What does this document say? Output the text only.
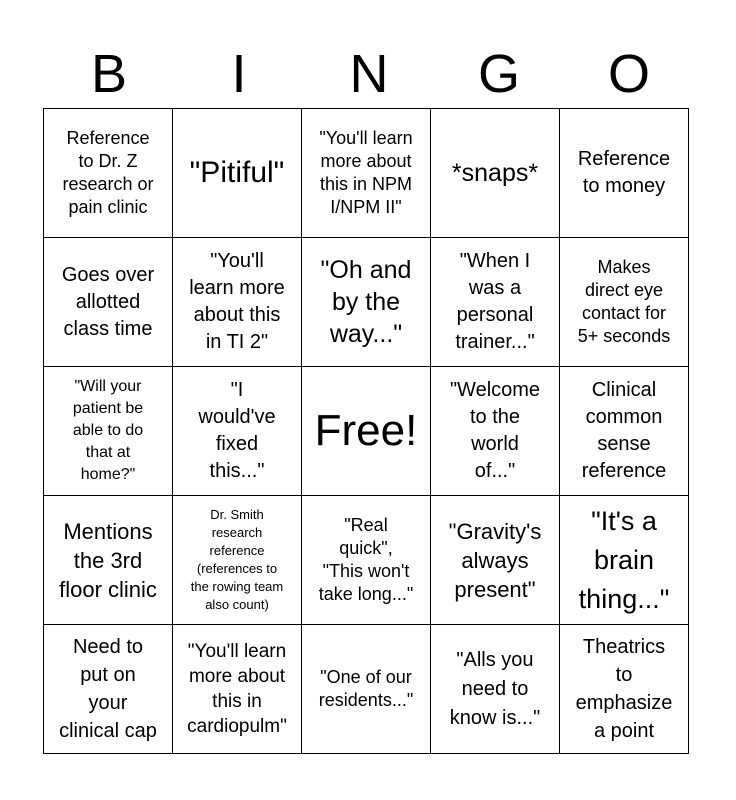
B	I	N	G	O
Reference
to Dr. Z
research or
pain clinic
"Pitiful"
"You'll learn
more about
this in NPM
I/NPM II"
*snaps* Reference
to money
Goes over
allotted
class time
"You'll
learn more
about this
in TI 2"
"Oh and
by the
way..."
"When I
was a
personal
trainer..."
Makes
direct eye
contact for
5+ seconds
"Will your
patient be
able to do
that at
home?"
"I
would've
fixed
this..."
Free!
"Welcome
to the
world
of..."
Clinical
common
sense
reference
Mentions
the 3rd
floor clinic
Dr. Smith
research
reference
(references to
the rowing team
also count)
"Real
quick",
"This won't
take long..."
"Gravity's
always
present"
"It's a
brain
thing..."
Need to
put on
your
clinical cap
"You'll learn
more about
this in
cardiopulm"
"One of our
residents..."
"Alls you
need to
know is..."
Theatrics
to
emphasize
a point
